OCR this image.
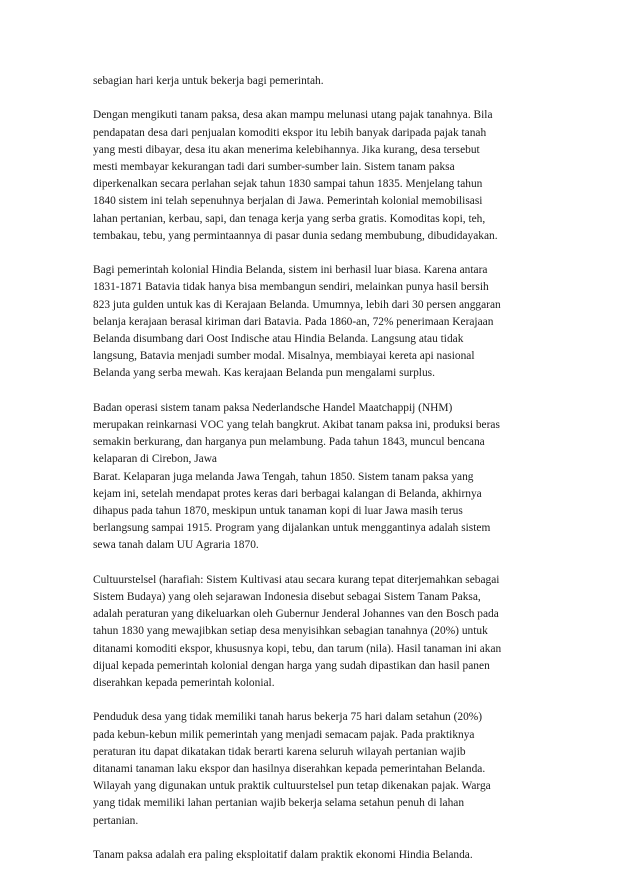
sebagian hari kerja untuk bekerja bagi pemerintah.

Dengan mengikuti tanam paksa, desa akan mampu melunasi utang pajak tanahnya. Bila
pendapatan desa dari penjualan komoditi ekspor itu lebih banyak daripada pajak tanah
yang mesti dibayar, desa itu akan menerima kelebihannya. Jika kurang, desa tersebut
mesti membayar kekurangan tadi dari sumber-sumber lain. Sistem tanam paksa
diperkenalkan secara perlahan sejak tahun 1830 sampai tahun 1835. Menjelang tahun
1840 sistem ini telah sepenuhnya berjalan di Jawa. Pemerintah kolonial memobilisasi
lahan pertanian, kerbau, sapi, dan tenaga kerja yang serba gratis. Komoditas kopi, teh,
tembakau, tebu, yang permintaannya di pasar dunia sedang membubung, dibudidayakan.

Bagi pemerintah kolonial Hindia Belanda, sistem ini berhasil luar biasa. Karena antara
1831-1871 Batavia tidak hanya bisa membangun sendiri, melainkan punya hasil bersih
823 juta gulden untuk kas di Kerajaan Belanda. Umumnya, lebih dari 30 persen anggaran
belanja kerajaan berasal kiriman dari Batavia. Pada 1860-an, 72% penerimaan Kerajaan
Belanda disumbang dari Oost Indische atau Hindia Belanda. Langsung atau tidak
langsung, Batavia menjadi sumber modal. Misalnya, membiayai kereta api nasional
Belanda yang serba mewah. Kas kerajaan Belanda pun mengalami surplus.

Badan operasi sistem tanam paksa Nederlandsche Handel Maatchappij (NHM)
merupakan reinkarnasi VOC yang telah bangkrut. Akibat tanam paksa ini, produksi beras
semakin berkurang, dan harganya pun melambung. Pada tahun 1843, muncul bencana
kelaparan di Cirebon, Jawa
Barat. Kelaparan juga melanda Jawa Tengah, tahun 1850. Sistem tanam paksa yang
kejam ini, setelah mendapat protes keras dari berbagai kalangan di Belanda, akhirnya
dihapus pada tahun 1870, meskipun untuk tanaman kopi di luar Jawa masih terus
berlangsung sampai 1915. Program yang dijalankan untuk menggantinya adalah sistem
sewa tanah dalam UU Agraria 1870.

Cultuurstelsel (harafiah: Sistem Kultivasi atau secara kurang tepat diterjemahkan sebagai
Sistem Budaya) yang oleh sejarawan Indonesia disebut sebagai Sistem Tanam Paksa,
adalah peraturan yang dikeluarkan oleh Gubernur Jenderal Johannes van den Bosch pada
tahun 1830 yang mewajibkan setiap desa menyisihkan sebagian tanahnya (20%) untuk
ditanami komoditi ekspor, khususnya kopi, tebu, dan tarum (nila). Hasil tanaman ini akan
dijual kepada pemerintah kolonial dengan harga yang sudah dipastikan dan hasil panen
diserahkan kepada pemerintah kolonial.

Penduduk desa yang tidak memiliki tanah harus bekerja 75 hari dalam setahun (20%)
pada kebun-kebun milik pemerintah yang menjadi semacam pajak. Pada praktiknya
peraturan itu dapat dikatakan tidak berarti karena seluruh wilayah pertanian wajib
ditanami tanaman laku ekspor dan hasilnya diserahkan kepada pemerintahan Belanda.
Wilayah yang digunakan untuk praktik cultuurstelsel pun tetap dikenakan pajak. Warga
yang tidak memiliki lahan pertanian wajib bekerja selama setahun penuh di lahan
pertanian.

Tanam paksa adalah era paling eksploitatif dalam praktik ekonomi Hindia Belanda.
